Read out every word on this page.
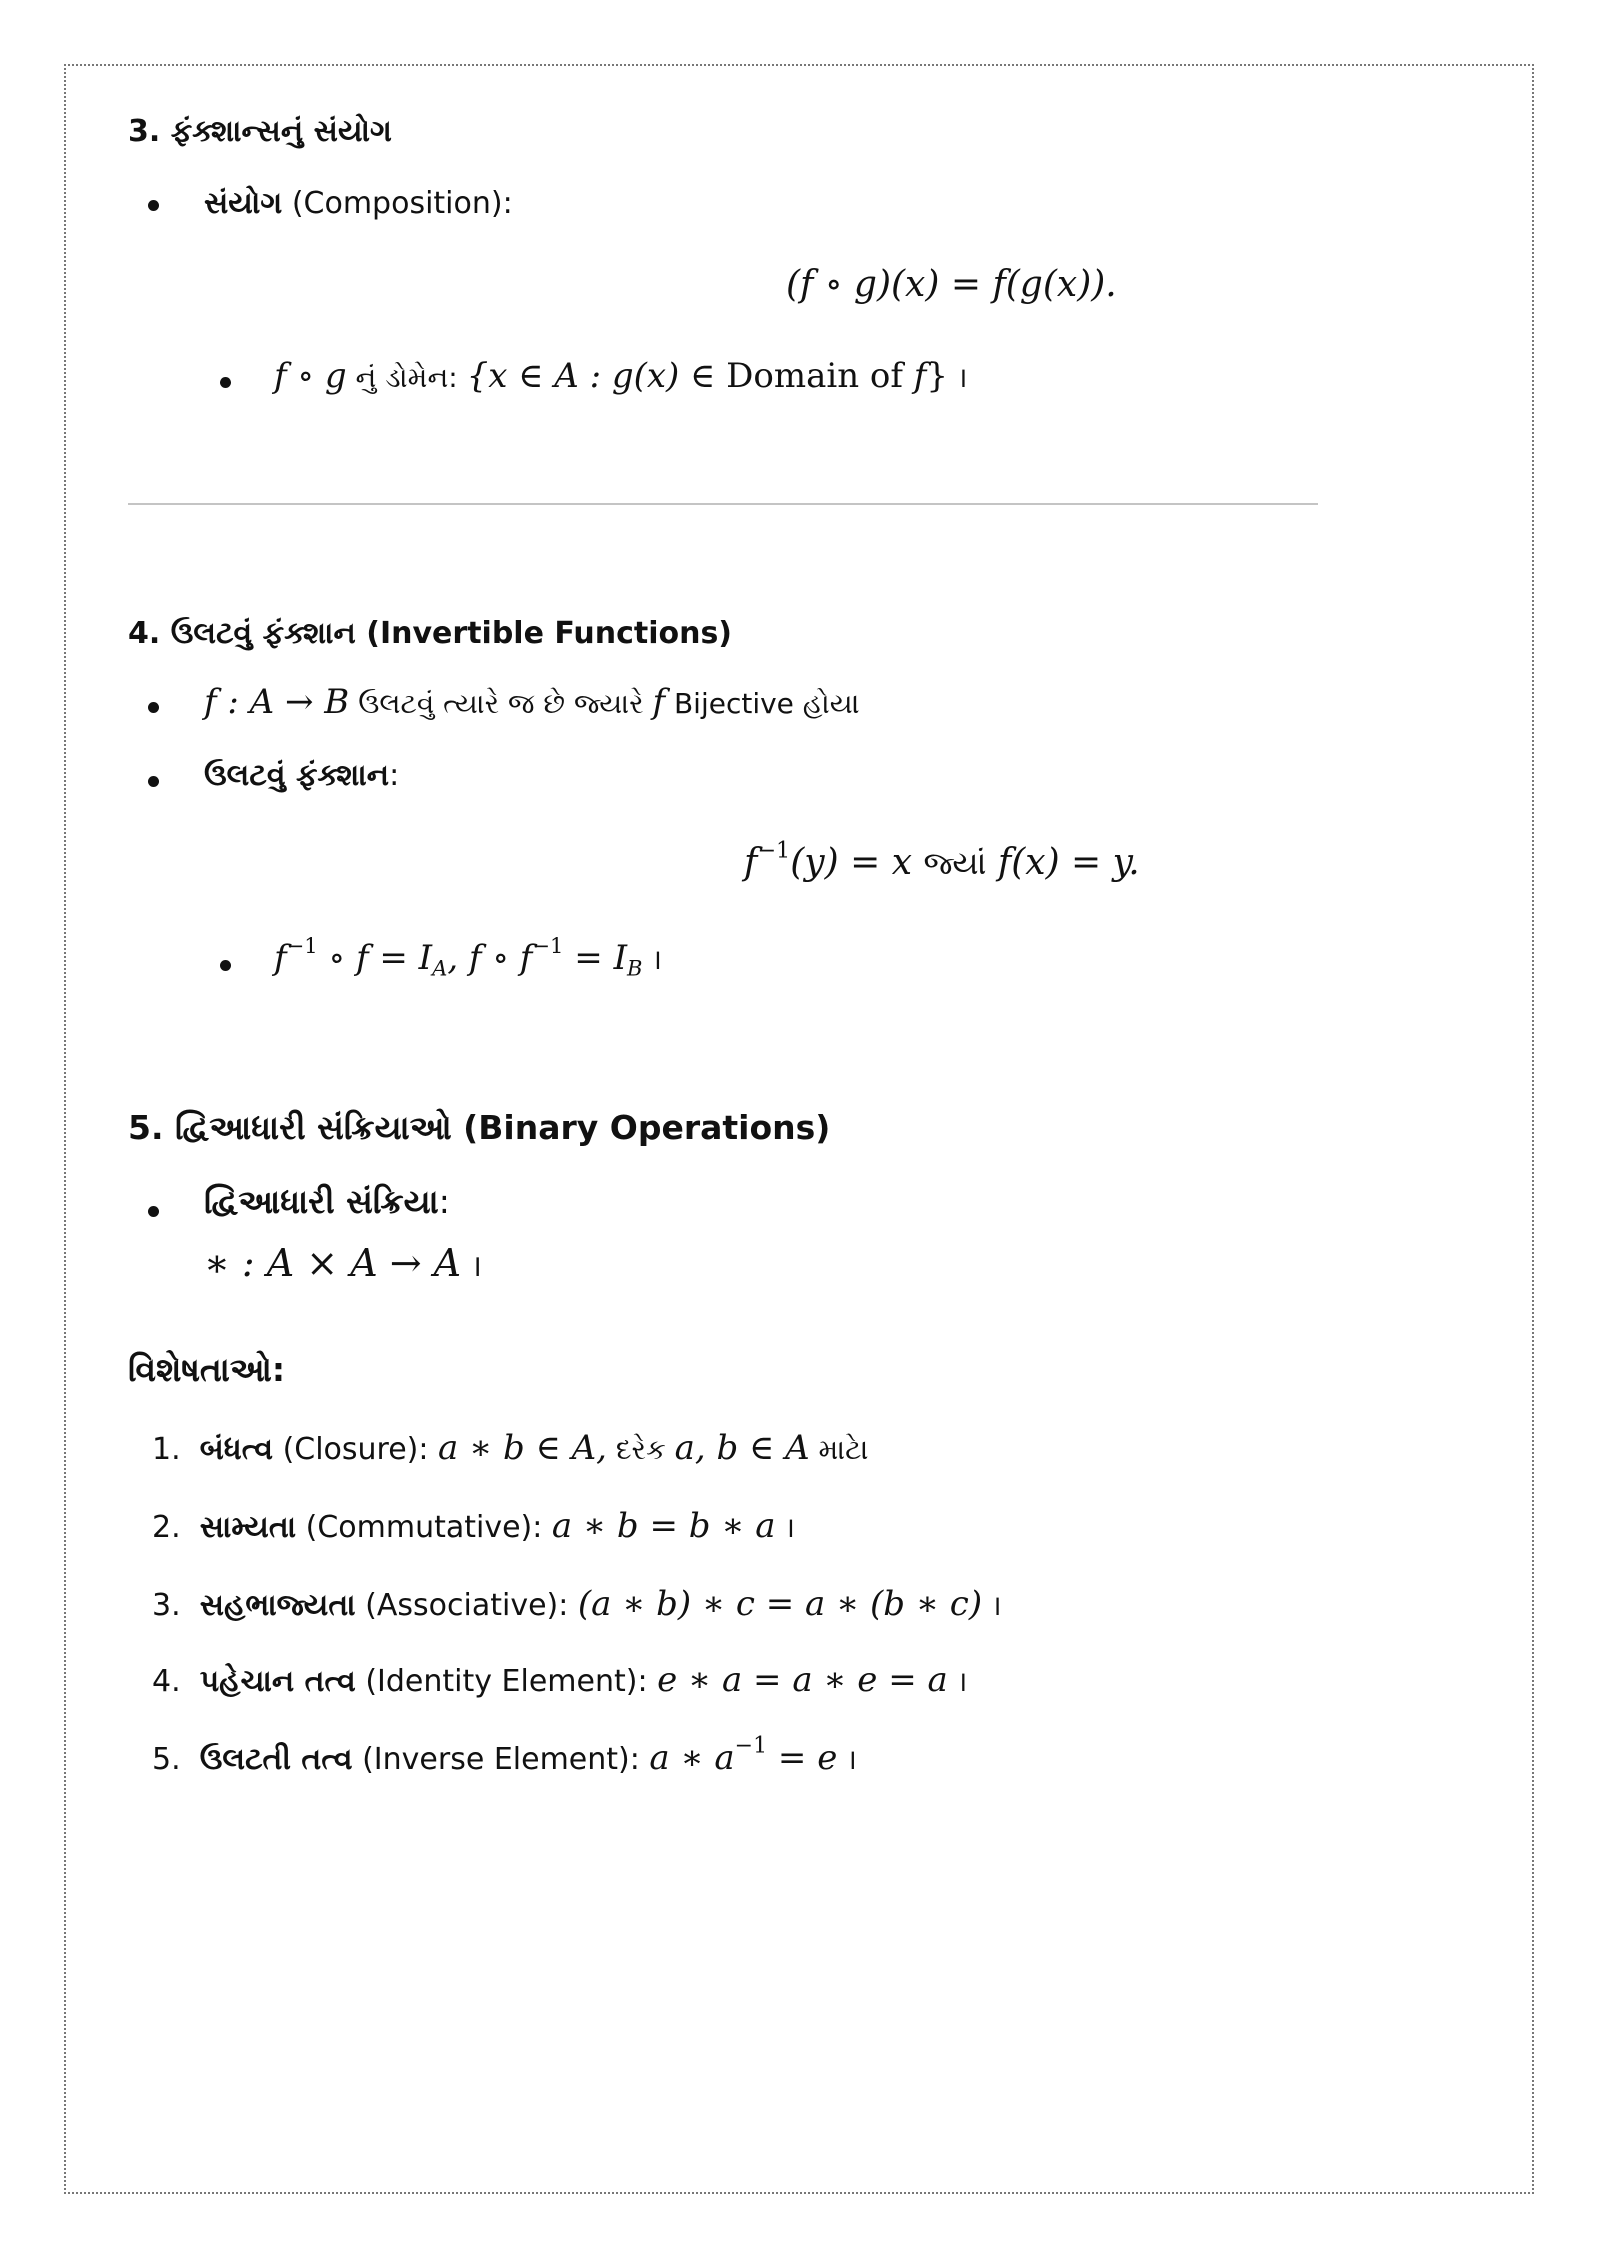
3. ફંક્શાન્સનું સંયોગ
સંયોગ (Composition):
(f ∘ g)(x) = f(g(x)).
f ∘ g નું ડોમેન: {x ∈ A : g(x) ∈ Domain of f} ।
4. ઉલટવું ફંક્શાન (Invertible Functions)
f : A → B ઉલટવું ત્યારે જ છે જ્યારે f Bijective હોય।
ઉલટવું ફંક્શાન:
$f^{-1}(y) = x$ જ્યાં f(x) = y.
$f^{-1}$ ∘ $f = I_A$, f ∘ $f^{-1} = I_B$ ।
5. દ્વિઆધારી સંક્રિયાઓ (Binary Operations)
દ્વિઆધારી સંક્રિયા:
∗ : A × A → A ।
વિશેષતાઓ:
1. બંધત્વ (Closure): a ∗ b ∈ A, દરેક a, b ∈ A માટે।
2. સામ્યતા (Commutative): a ∗ b = b ∗ a ।
3. સહભાજ્યતા (Associative): (a ∗ b) ∗ c = a ∗ (b ∗ c) ।
4. પહેચાન તત્વ (Identity Element): e ∗ a = a ∗ e = a ।
5. ઉલટતી તત્વ (Inverse Element): a ∗ $a^{-1} = e$ ।
